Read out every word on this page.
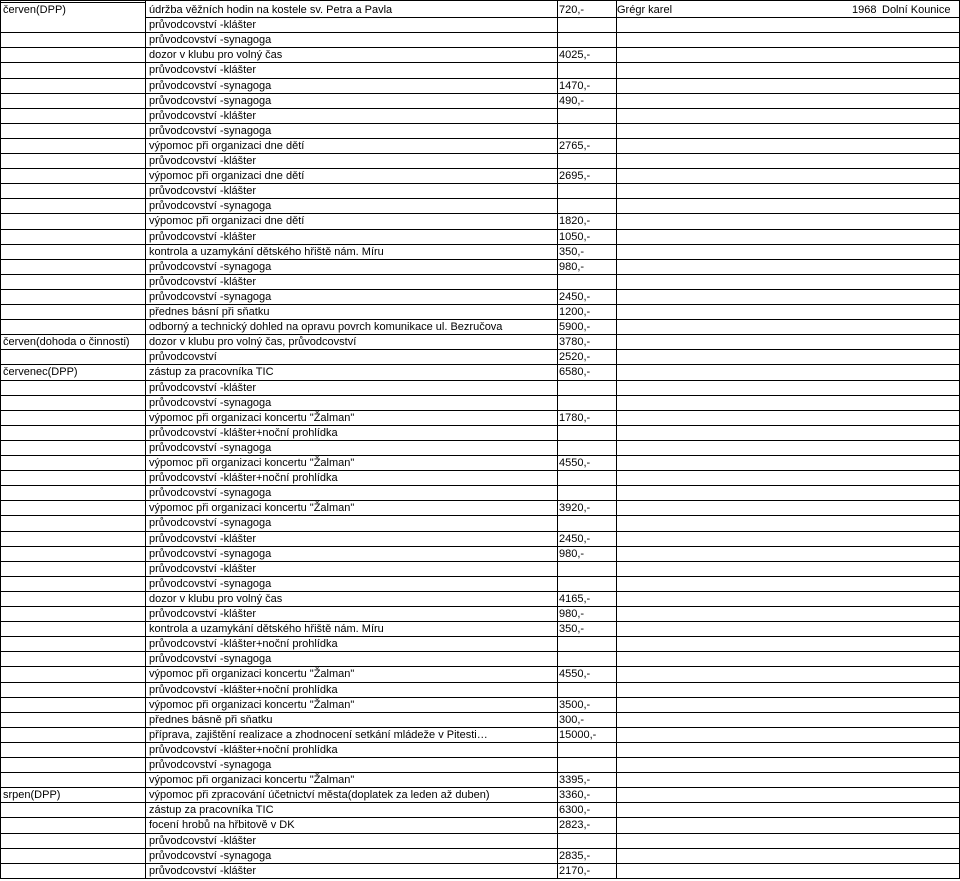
červen(DPP)	údržba věžních hodin na kostele sv. Petra a Pavla	720,-	Grégr karel	1968 Dolní Kounice
průvodcovství -klášter
průvodcovství -synagoga
dozor v klubu pro volný čas	4025,-
průvodcovství -klášter
průvodcovství -synagoga	1470,-
průvodcovství -synagoga	490,-
průvodcovství -klášter
průvodcovství -synagoga
výpomoc při organizaci dne dětí	2765,-
průvodcovství -klášter
výpomoc při organizaci dne dětí	2695,-
průvodcovství -klášter
průvodcovství -synagoga
výpomoc při organizaci dne dětí	1820,-
průvodcovství -klášter	1050,-
kontrola a uzamykání dětského hřiště nám. Míru	350,-
průvodcovství -synagoga	980,-
průvodcovství -klášter
průvodcovství -synagoga	2450,-
přednes básní při sňatku	1200,-
odborný a technický dohled na opravu povrch komunikace ul. Bezručova	5900,-
červen(dohoda o činnosti)	dozor v klubu pro volný čas, průvodcovství	3780,-
průvodcovství	2520,-
červenec(DPP)	zástup za pracovníka TIC	6580,-
průvodcovství -klášter
průvodcovství -synagoga
výpomoc při organizaci koncertu "Žalman"	1780,-
průvodcovství -klášter+noční prohlídka
průvodcovství -synagoga
výpomoc při organizaci koncertu "Žalman"	4550,-
průvodcovství -klášter+noční prohlídka
průvodcovství -synagoga
výpomoc při organizaci koncertu "Žalman"	3920,-
průvodcovství -synagoga
průvodcovství -klášter	2450,-
průvodcovství -synagoga	980,-
průvodcovství -klášter
průvodcovství -synagoga
dozor v klubu pro volný čas	4165,-
průvodcovství -klášter	980,-
kontrola a uzamykání dětského hřiště nám. Míru	350,-
průvodcovství -klášter+noční prohlídka
průvodcovství -synagoga
výpomoc při organizaci koncertu "Žalman"	4550,-
průvodcovství -klášter+noční prohlídka
výpomoc při organizaci koncertu "Žalman"	3500,-
přednes básně při sňatku	300,-
příprava, zajištění realizace a zhodnocení setkání mládeže v Pitesti…	15000,-
průvodcovství -klášter+noční prohlídka
průvodcovství -synagoga
výpomoc při organizaci koncertu "Žalman"	3395,-
srpen(DPP)	výpomoc při zpracování účetnictví města(doplatek za leden až duben)	3360,-
zástup za pracovníka TIC	6300,-
focení hrobů na hřbitově v DK	2823,-
průvodcovství -klášter
průvodcovství -synagoga	2835,-
průvodcovství -klášter	2170,-
